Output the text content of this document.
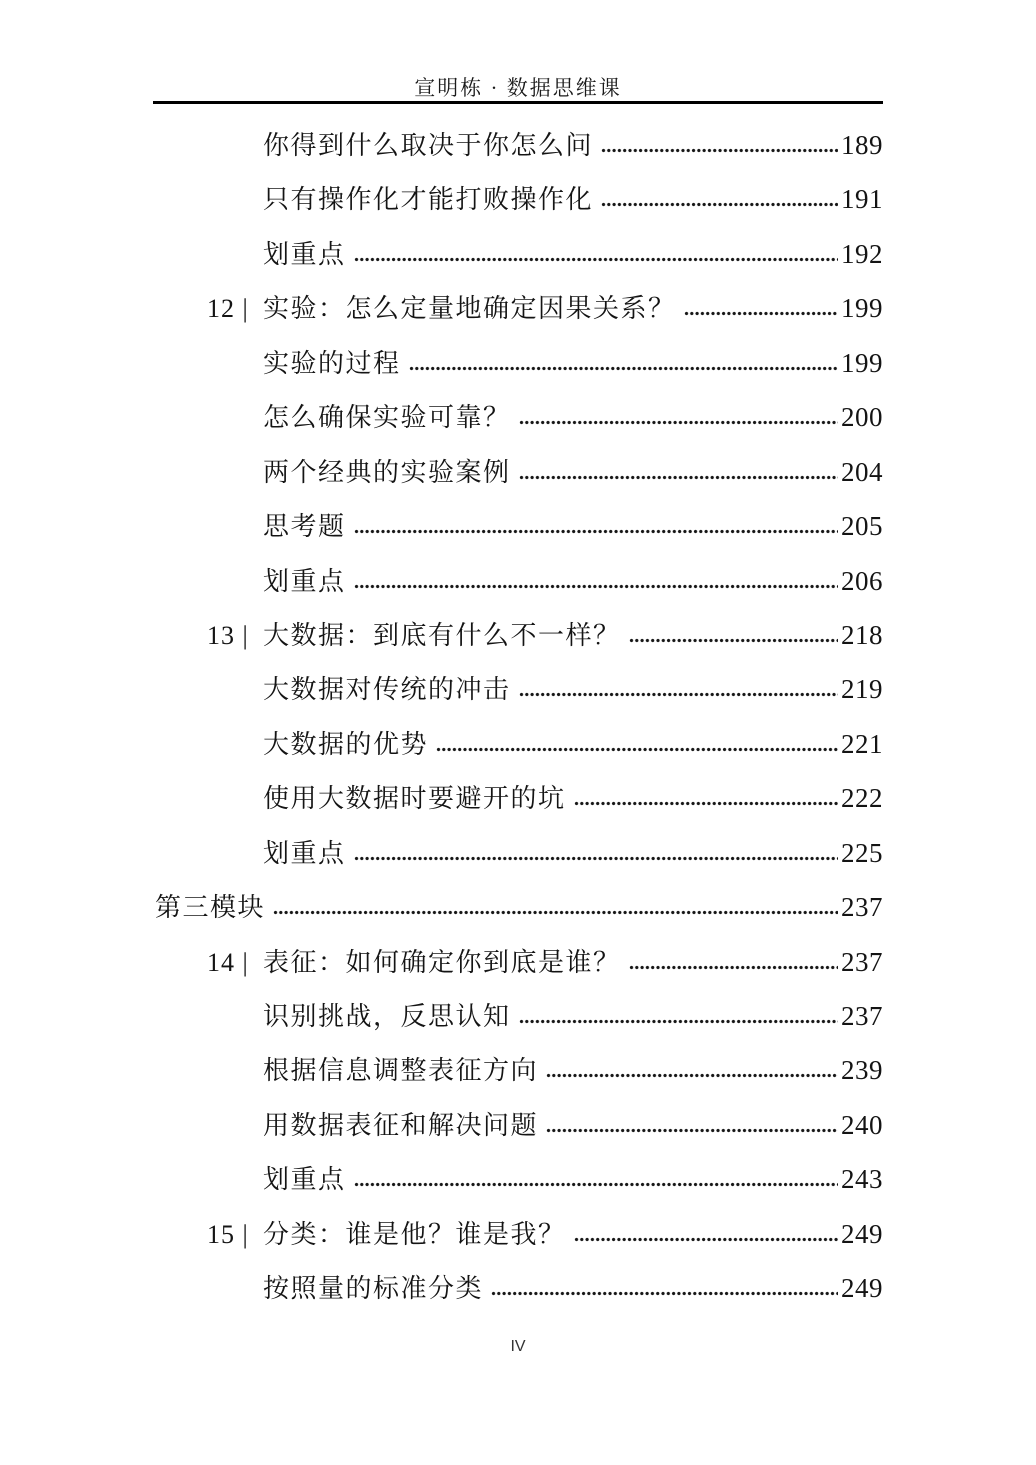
宣明栋 · 数据思维课
你得到什么取决于你怎么问	189
只有操作化才能打败操作化	191
划重点	192
12 | 实验：怎么定量地确定因果关系？	199
实验的过程	199
怎么确保实验可靠？	200
两个经典的实验案例	204
思考题	205
划重点	206
13 | 大数据：到底有什么不一样？	218
大数据对传统的冲击	219
大数据的优势	221
使用大数据时要避开的坑	222
划重点	225
第三模块	237
14 | 表征：如何确定你到底是谁？	237
识别挑战，反思认知	237
根据信息调整表征方向	239
用数据表征和解决问题	240
划重点	243
15 | 分类：谁是他？谁是我？	249
按照量的标准分类	249
IV
